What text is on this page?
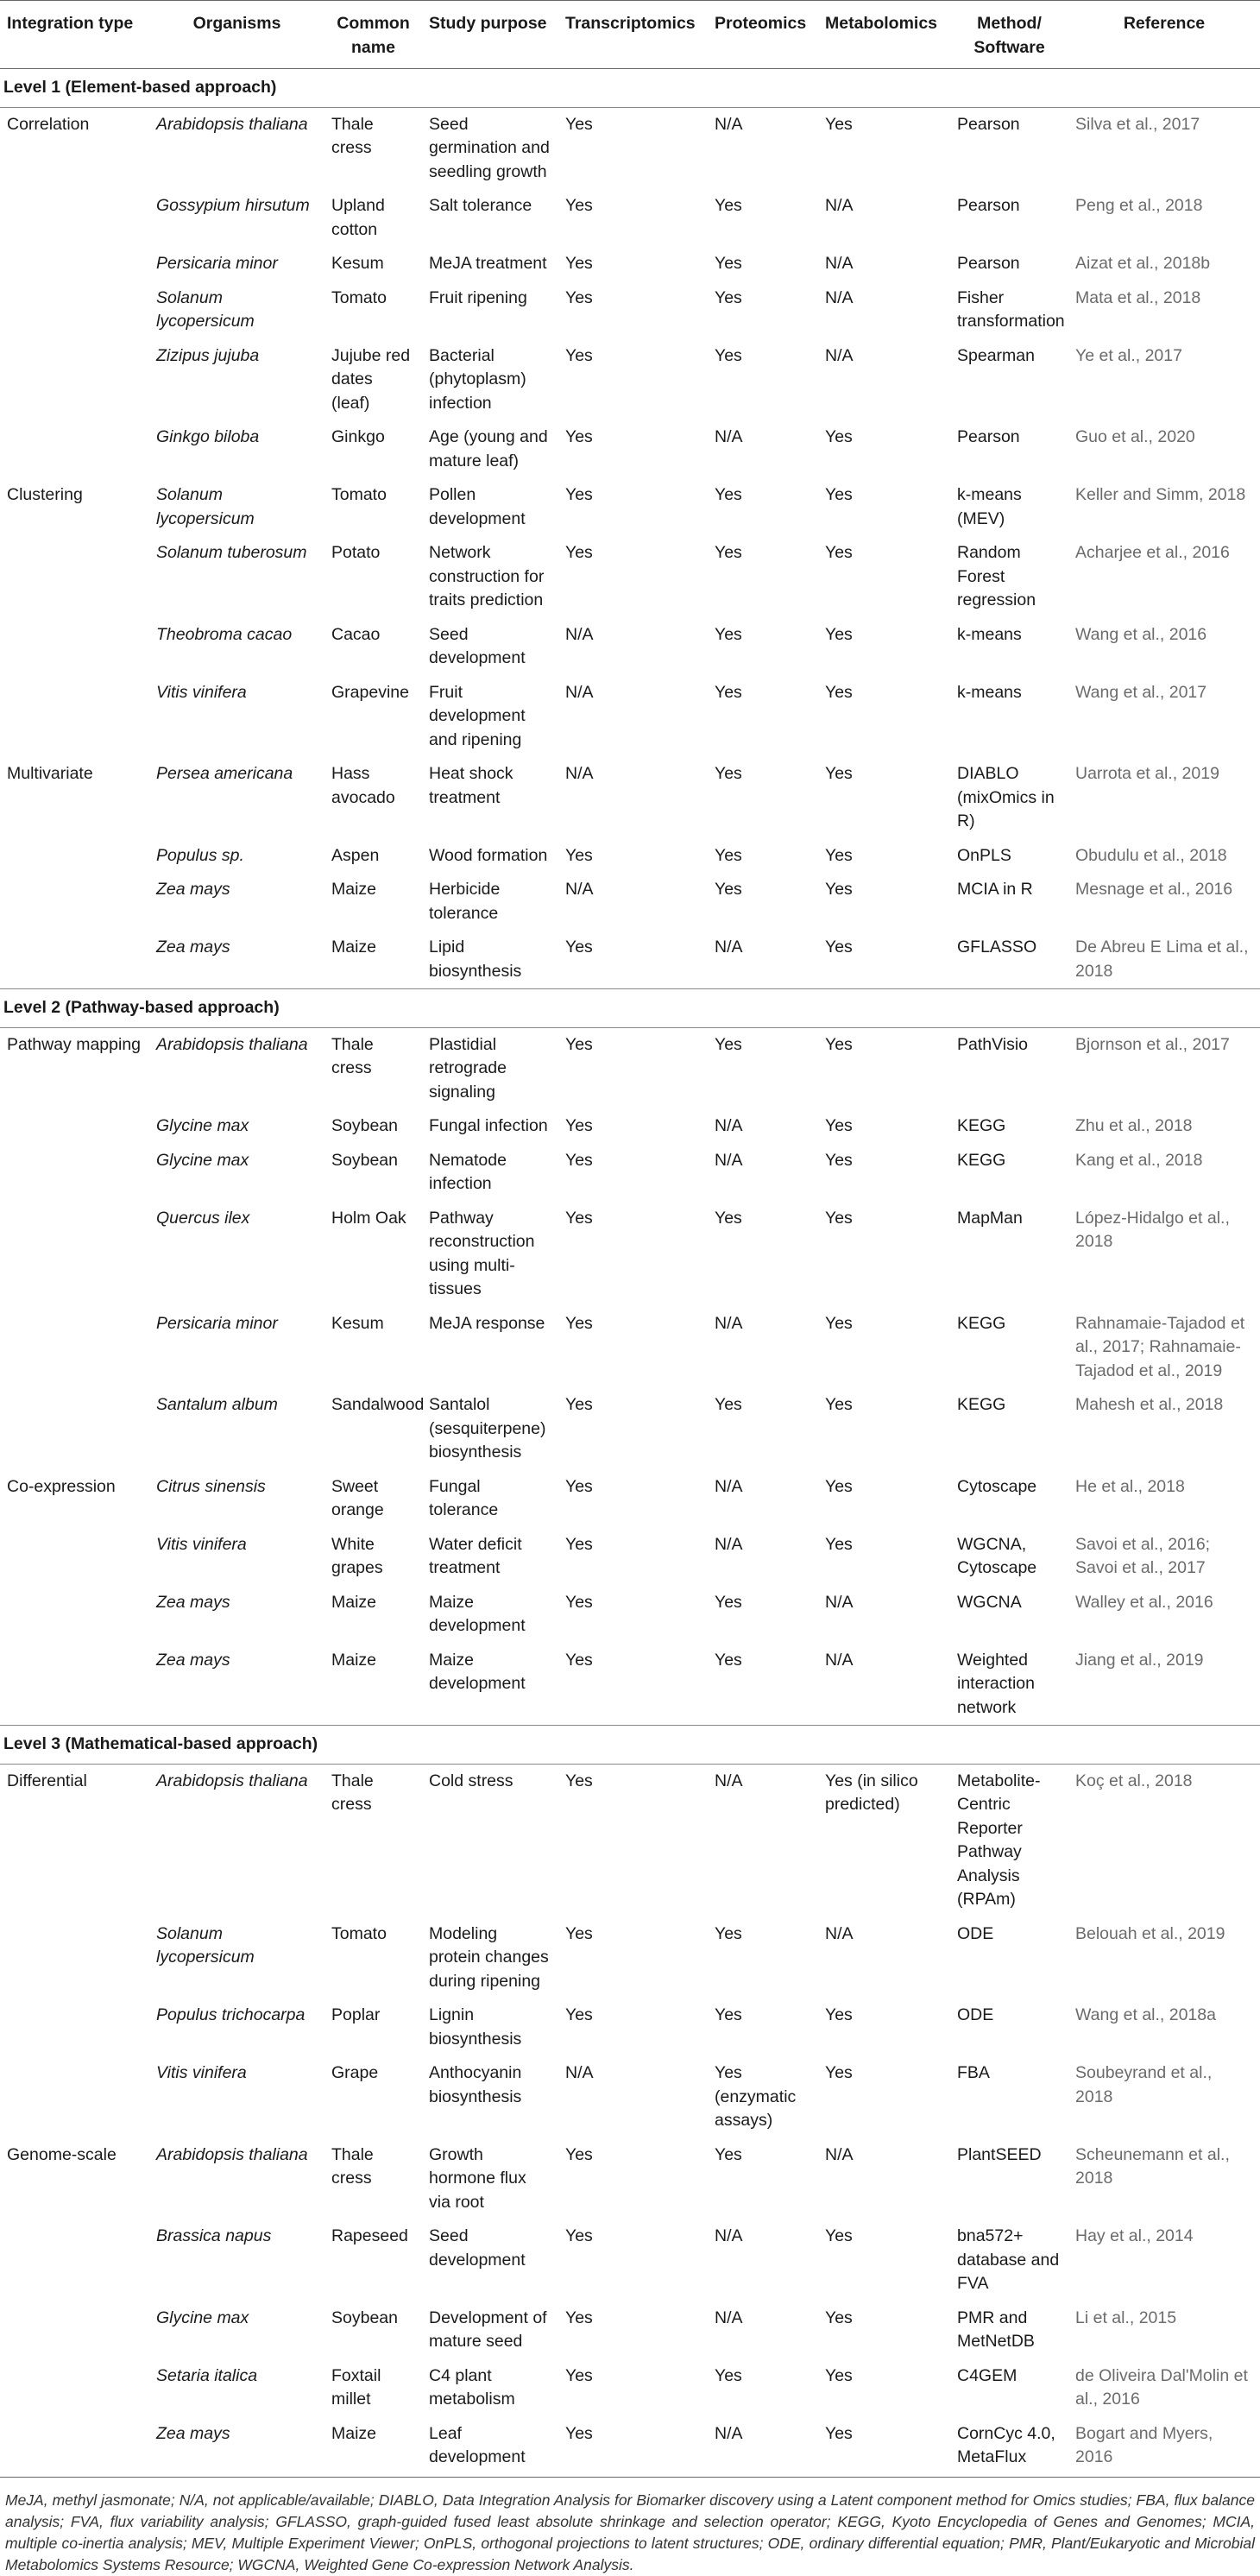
Integration type	Organisms	Common name	Study purpose	Transcriptomics	Proteomics	Metabolomics	Method/ Software	Reference
Level 1 (Element-based approach)								
Correlation	Arabidopsis thaliana	Thale cress	Seed germination and seedling growth	Yes	N/A	Yes	Pearson	Silva et al., 2017
	Gossypium hirsutum	Upland cotton	Salt tolerance	Yes	Yes	N/A	Pearson	Peng et al., 2018
	Persicaria minor	Kesum	MeJA treatment	Yes	Yes	N/A	Pearson	Aizat et al., 2018b
	Solanum lycopersicum	Tomato	Fruit ripening	Yes	Yes	N/A	Fisher transformation	Mata et al., 2018
	Zizipus jujuba	Jujube red dates (leaf)	Bacterial (phytoplasm) infection	Yes	Yes	N/A	Spearman	Ye et al., 2017
	Ginkgo biloba	Ginkgo	Age (young and mature leaf)	Yes	N/A	Yes	Pearson	Guo et al., 2020
Clustering	Solanum lycopersicum	Tomato	Pollen development	Yes	Yes	Yes	k-means (MEV)	Keller and Simm, 2018
	Solanum tuberosum	Potato	Network construction for traits prediction	Yes	Yes	Yes	Random Forest regression	Acharjee et al., 2016
	Theobroma cacao	Cacao	Seed development	N/A	Yes	Yes	k-means	Wang et al., 2016
	Vitis vinifera	Grapevine	Fruit development and ripening	N/A	Yes	Yes	k-means	Wang et al., 2017
Multivariate	Persea americana	Hass avocado	Heat shock treatment	N/A	Yes	Yes	DIABLO (mixOmics in R)	Uarrota et al., 2019
	Populus sp.	Aspen	Wood formation	Yes	Yes	Yes	OnPLS	Obudulu et al., 2018
	Zea mays	Maize	Herbicide tolerance	N/A	Yes	Yes	MCIA in R	Mesnage et al., 2016
	Zea mays	Maize	Lipid biosynthesis	Yes	N/A	Yes	GFLASSO	De Abreu E Lima et al., 2018
Level 2 (Pathway-based approach)								
Pathway mapping	Arabidopsis thaliana	Thale cress	Plastidial retrograde signaling	Yes	Yes	Yes	PathVisio	Bjornson et al., 2017
	Glycine max	Soybean	Fungal infection	Yes	N/A	Yes	KEGG	Zhu et al., 2018
	Glycine max	Soybean	Nematode infection	Yes	N/A	Yes	KEGG	Kang et al., 2018
	Quercus ilex	Holm Oak	Pathway reconstruction using multi-tissues	Yes	Yes	Yes	MapMan	López-Hidalgo et al., 2018
	Persicaria minor	Kesum	MeJA response	Yes	N/A	Yes	KEGG	Rahnamaie-Tajadod et al., 2017; Rahnamaie-Tajadod et al., 2019
	Santalum album	Sandalwood	Santalol (sesquiterpene) biosynthesis	Yes	Yes	Yes	KEGG	Mahesh et al., 2018
Co-expression	Citrus sinensis	Sweet orange	Fungal tolerance	Yes	N/A	Yes	Cytoscape	He et al., 2018
	Vitis vinifera	White grapes	Water deficit treatment	Yes	N/A	Yes	WGCNA, Cytoscape	Savoi et al., 2016; Savoi et al., 2017
	Zea mays	Maize	Maize development	Yes	Yes	N/A	WGCNA	Walley et al., 2016
	Zea mays	Maize	Maize development	Yes	Yes	N/A	Weighted interaction network	Jiang et al., 2019
Level 3 (Mathematical-based approach)								
Differential	Arabidopsis thaliana	Thale cress	Cold stress	Yes	N/A	Yes (in silico predicted)	Metabolite-Centric Reporter Pathway Analysis (RPAm)	Koç et al., 2018
	Solanum lycopersicum	Tomato	Modeling protein changes during ripening	Yes	Yes	N/A	ODE	Belouah et al., 2019
	Populus trichocarpa	Poplar	Lignin biosynthesis	Yes	Yes	Yes	ODE	Wang et al., 2018a
	Vitis vinifera	Grape	Anthocyanin biosynthesis	N/A	Yes (enzymatic assays)	Yes	FBA	Soubeyrand et al., 2018
Genome-scale	Arabidopsis thaliana	Thale cress	Growth hormone flux via root	Yes	Yes	N/A	PlantSEED	Scheunemann et al., 2018
	Brassica napus	Rapeseed	Seed development	Yes	N/A	Yes	bna572+ database and FVA	Hay et al., 2014
	Glycine max	Soybean	Development of mature seed	Yes	N/A	Yes	PMR and MetNetDB	Li et al., 2015
	Setaria italica	Foxtail millet	C4 plant metabolism	Yes	Yes	Yes	C4GEM	de Oliveira Dal'Molin et al., 2016
	Zea mays	Maize	Leaf development	Yes	N/A	Yes	CornCyc 4.0, MetaFlux	Bogart and Myers, 2016
MeJA, methyl jasmonate; N/A, not applicable/available; DIABLO, Data Integration Analysis for Biomarker discovery using a Latent component method for Omics studies; FBA, flux balance analysis; FVA, flux variability analysis; GFLASSO, graph-guided fused least absolute shrinkage and selection operator; KEGG, Kyoto Encyclopedia of Genes and Genomes; MCIA, multiple co-inertia analysis; MEV, Multiple Experiment Viewer; OnPLS, orthogonal projections to latent structures; ODE, ordinary differential equation; PMR, Plant/Eukaryotic and Microbial Metabolomics Systems Resource; WGCNA, Weighted Gene Co-expression Network Analysis.
